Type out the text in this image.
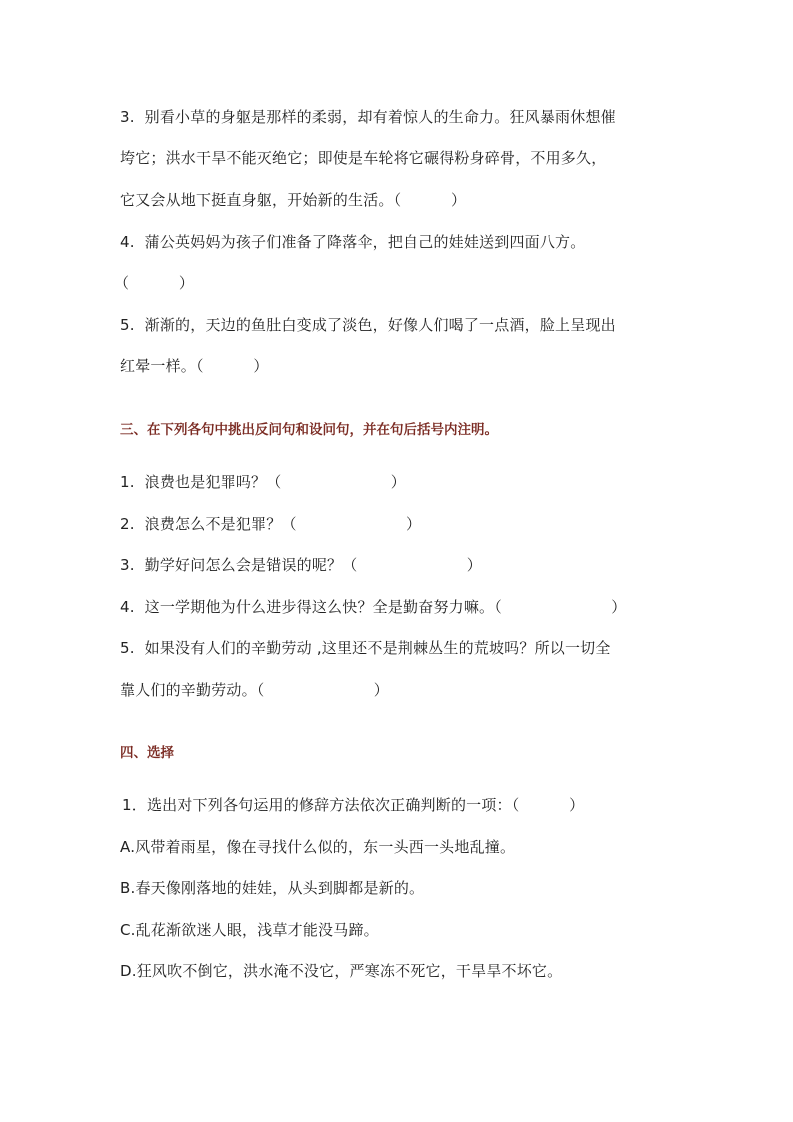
3.  别看小草的身躯是那样的柔弱，却有着惊人的生命力。狂风暴雨休想催
垮它；洪水干旱不能灭绝它；即使是车轮将它碾得粉身碎骨，不用多久，
它又会从地下挺直身躯，开始新的生活。（          ）
4.  蒲公英妈妈为孩子们准备了降落伞，把自己的娃娃送到四面八方。
（          ）
5.  渐渐的，天边的鱼肚白变成了淡色，好像人们喝了一点酒，脸上呈现出
红晕一样。（          ）
三、在下列各句中挑出反问句和设问句，并在句后括号内注明。
1.  浪费也是犯罪吗？（                      ）
2.  浪费怎么不是犯罪？（                      ）
3.  勤学好问怎么会是错误的呢？（                      ）
4.  这一学期他为什么进步得这么快？全是勤奋努力嘛。（                      ）
5.  如果没有人们的辛勤劳动 ,这里还不是荆棘丛生的荒坡吗？所以一切全
靠人们的辛勤劳动。（                      ）
四、选择
1．选出对下列各句运用的修辞方法依次正确判断的一项：（          ）
A.风带着雨星，像在寻找什么似的，东一头西一头地乱撞。
B.春天像刚落地的娃娃，从头到脚都是新的。
C.乱花渐欲迷人眼，浅草才能没马蹄。
D.狂风吹不倒它，洪水淹不没它，严寒冻不死它，干旱旱不坏它。
